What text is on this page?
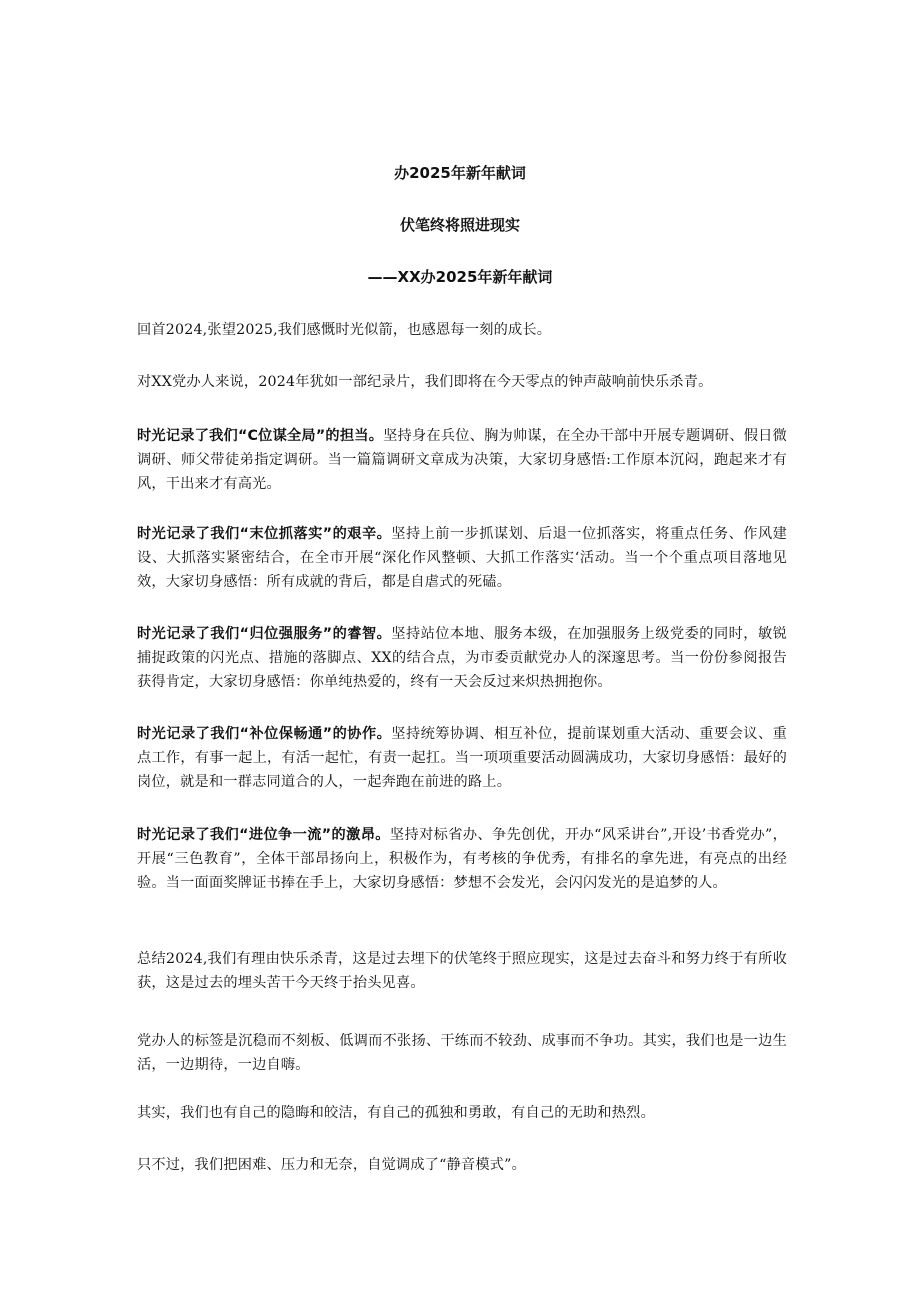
办2025年新年献词
伏笔终将照进现实
——XX办2025年新年献词

回首2024,张望2025,我们感慨时光似箭，也感恩每一刻的成长。

对XX党办人来说，2024年犹如一部纪录片，我们即将在今天零点的钟声敲响前快乐杀青。

时光记录了我们“C位谋全局”的担当。坚持身在兵位、胸为帅谋，在全办干部中开展专题调研、假日微调研、师父带徒弟指定调研。当一篇篇调研文章成为决策，大家切身感悟:工作原本沉闷，跑起来才有风，干出来才有高光。

时光记录了我们“末位抓落实”的艰辛。坚持上前一步抓谋划、后退一位抓落实，将重点任务、作风建设、大抓落实紧密结合，在全市开展“深化作风整顿、大抓工作落实‘活动。当一个个重点项目落地见效，大家切身感悟：所有成就的背后，都是自虐式的死磕。

时光记录了我们“归位强服务”的睿智。坚持站位本地、服务本级，在加强服务上级党委的同时，敏锐捕捉政策的闪光点、措施的落脚点、XX的结合点，为市委贡献党办人的深邃思考。当一份份参阅报告获得肯定，大家切身感悟：你单纯热爱的，终有一天会反过来炽热拥抱你。

时光记录了我们“补位保畅通”的协作。坚持统筹协调、相互补位，提前谋划重大活动、重要会议、重点工作，有事一起上，有活一起忙，有责一起扛。当一项项重要活动圆满成功，大家切身感悟：最好的岗位，就是和一群志同道合的人，一起奔跑在前进的路上。

时光记录了我们“进位争一流”的激昂。坚持对标省办、争先创优，开办“风采讲台”,开设’书香党办”，开展“三色教育”，全体干部昂扬向上，积极作为，有考核的争优秀，有排名的拿先进，有亮点的出经验。当一面面奖牌证书捧在手上，大家切身感悟：梦想不会发光，会闪闪发光的是追梦的人。

总结2024,我们有理由快乐杀青，这是过去埋下的伏笔终于照应现实，这是过去奋斗和努力终于有所收获，这是过去的埋头苦干今天终于抬头见喜。

党办人的标签是沉稳而不刻板、低调而不张扬、干练而不较劲、成事而不争功。其实，我们也是一边生活，一边期待，一边自嗨。

其实，我们也有自己的隐晦和皎洁，有自己的孤独和勇敢，有自己的无助和热烈。

只不过，我们把困难、压力和无奈，自觉调成了“静音模式”。
